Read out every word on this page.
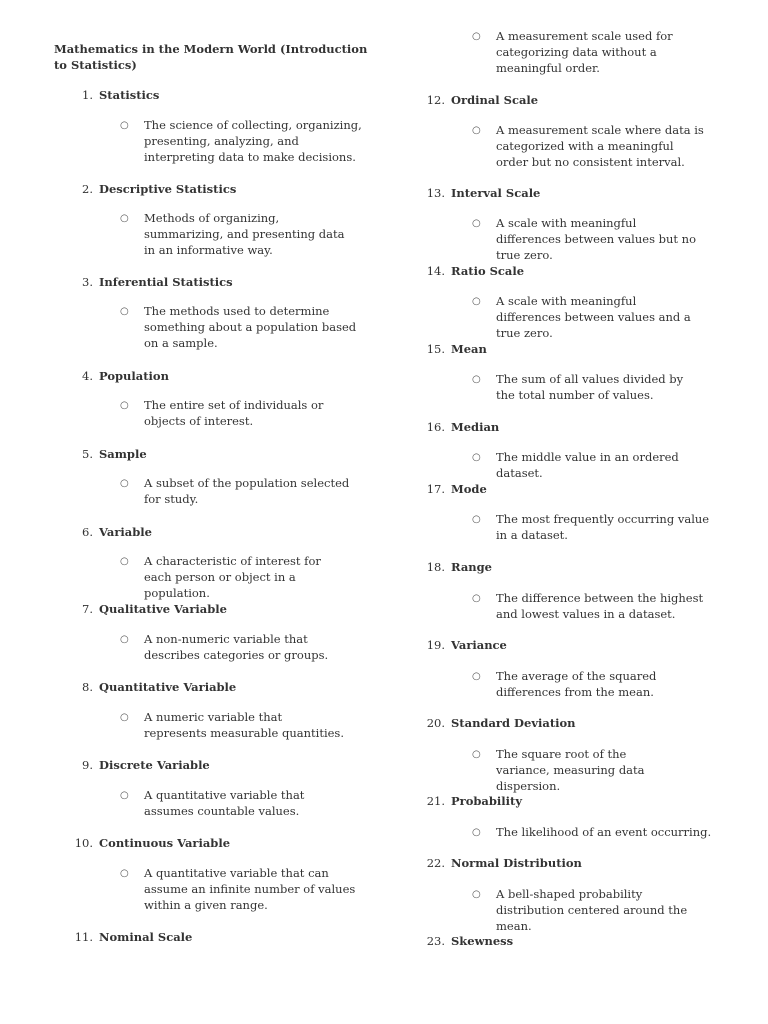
Mathematics in the Modern World (Introduction to Statistics)
1. Statistics
○ The science of collecting, organizing, presenting, analyzing, and interpreting data to make decisions.
2. Descriptive Statistics
○ Methods of organizing, summarizing, and presenting data in an informative way.
3. Inferential Statistics
○ The methods used to determine something about a population based on a sample.
4. Population
○ The entire set of individuals or objects of interest.
5. Sample
○ A subset of the population selected for study.
6. Variable
○ A characteristic of interest for each person or object in a population.
7. Qualitative Variable
○ A non-numeric variable that describes categories or groups.
8. Quantitative Variable
○ A numeric variable that represents measurable quantities.
9. Discrete Variable
○ A quantitative variable that assumes countable values.
10. Continuous Variable
○ A quantitative variable that can assume an infinite number of values within a given range.
11. Nominal Scale
○ A measurement scale used for categorizing data without a meaningful order.
12. Ordinal Scale
○ A measurement scale where data is categorized with a meaningful order but no consistent interval.
13. Interval Scale
○ A scale with meaningful differences between values but no true zero.
14. Ratio Scale
○ A scale with meaningful differences between values and a true zero.
15. Mean
○ The sum of all values divided by the total number of values.
16. Median
○ The middle value in an ordered dataset.
17. Mode
○ The most frequently occurring value in a dataset.
18. Range
○ The difference between the highest and lowest values in a dataset.
19. Variance
○ The average of the squared differences from the mean.
20. Standard Deviation
○ The square root of the variance, measuring data dispersion.
21. Probability
○ The likelihood of an event occurring.
22. Normal Distribution
○ A bell-shaped probability distribution centered around the mean.
23. Skewness
